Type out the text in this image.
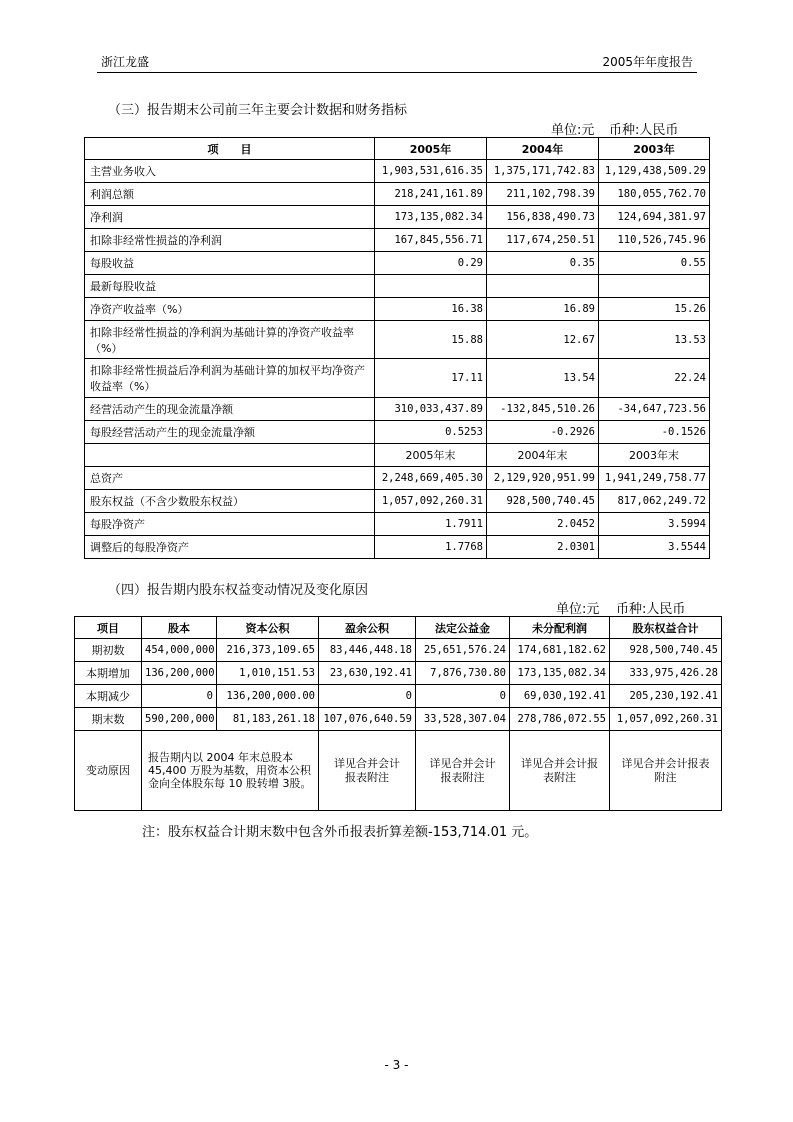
浙江龙盛	2005年年度报告
（三）报告期末公司前三年主要会计数据和财务指标
单位:元 币种:人民币
项　　目	2005年	2004年	2003年
主营业务收入	1,903,531,616.35	1,375,171,742.83	1,129,438,509.29
利润总额	218,241,161.89	211,102,798.39	180,055,762.70
净利润	173,135,082.34	156,838,490.73	124,694,381.97
扣除非经常性损益的净利润	167,845,556.71	117,674,250.51	110,526,745.96
每股收益	0.29	0.35	0.55
最新每股收益			
净资产收益率（%）	16.38	16.89	15.26
扣除非经常性损益的净利润为基础计算的净资产收益率（%）	15.88	12.67	13.53
扣除非经常性损益后净利润为基础计算的加权平均净资产收益率（%）	17.11	13.54	22.24
经营活动产生的现金流量净额	310,033,437.89	-132,845,510.26	-34,647,723.56
每股经营活动产生的现金流量净额	0.5253	-0.2926	-0.1526
	2005年末	2004年末	2003年末
总资产	2,248,669,405.30	2,129,920,951.99	1,941,249,758.77
股东权益（不含少数股东权益）	1,057,092,260.31	928,500,740.45	817,062,249.72
每股净资产	1.7911	2.0452	3.5994
调整后的每股净资产	1.7768	2.0301	3.5544
（四）报告期内股东权益变动情况及变化原因
单位:元 币种:人民币
项目	股本	资本公积	盈余公积	法定公益金	未分配利润	股东权益合计
期初数	454,000,000	216,373,109.65	83,446,448.18	25,651,576.24	174,681,182.62	928,500,740.45
本期增加	136,200,000	1,010,151.53	23,630,192.41	7,876,730.80	173,135,082.34	333,975,426.28
本期减少	0	136,200,000.00	0	0	69,030,192.41	205,230,192.41
期末数	590,200,000	81,183,261.18	107,076,640.59	33,528,307.04	278,786,072.55	1,057,092,260.31
变动原因	报告期内以 2004 年末总股本45,400 万股为基数，用资本公积金向全体股东每 10 股转增 3股。		详见合并会计报表附注	详见合并会计报表附注	详见合并会计报表附注	详见合并会计报表附注
注：股东权益合计期末数中包含外币报表折算差额-153,714.01 元。
- 3 -
